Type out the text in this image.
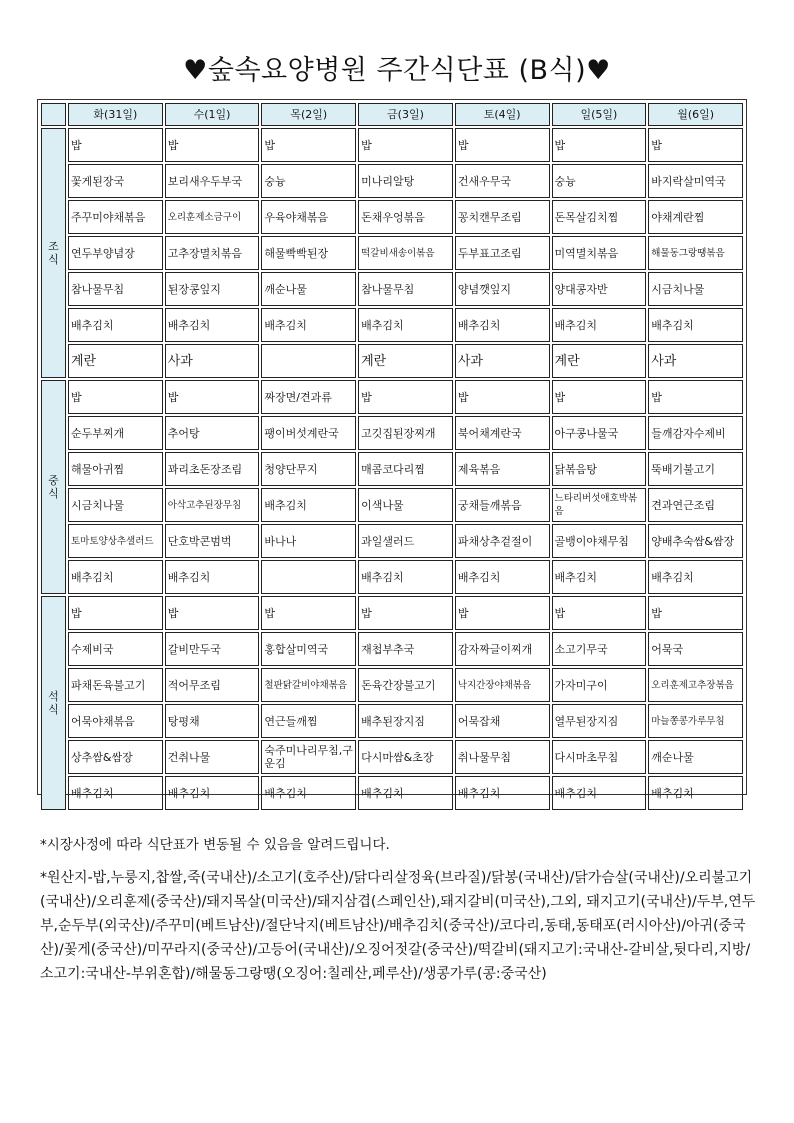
♥숲속요양병원 주간식단표 (B식)♥
	화(31일)	수(1일)	목(2일)	금(3일)	토(4일)	일(5일)	월(6일)
조
식	밥	밥	밥	밥	밥	밥	밥
	꽃게된장국	보리새우두부국	숭늉	미나리알탕	건새우무국	숭늉	바지락살미역국
	주꾸미야채볶음	오리훈제소금구이	우육야채볶음	돈채우엉볶음	꽁치캔무조림	돈목살김치찜	야채계란찜
	연두부양념장	고추장멸치볶음	해물빡빡된장	떡갈비새송이볶음	두부표고조림	미역멸치볶음	해물동그랑땡볶음
	참나물무침	된장콩잎지	깨순나물	참나물무침	양념깻잎지	양대콩자반	시금치나물
	배추김치	배추김치	배추김치	배추김치	배추김치	배추김치	배추김치
	계란	사과		계란	사과	계란	사과
중
식	밥	밥	짜장면/견과류	밥	밥	밥	밥
	순두부찌개	추어탕	팽이버섯계란국	고깃집된장찌개	북어채계란국	아구콩나물국	들깨감자수제비
	해물아귀찜	꽈리초돈장조림	청양단무지	매콤코다리찜	제육볶음	닭볶음탕	뚝배기불고기
	시금치나물	아삭고추된장무침	배추김치	이색나물	궁채들깨볶음	느타리버섯애호박볶음	견과연근조림
	토마토양상추샐러드	단호박콘범벅	바나나	과일샐러드	파채상추겉절이	골뱅이야채무침	양배추숙쌈&쌈장
	배추김치	배추김치		배추김치	배추김치	배추김치	배추김치
석
식	밥	밥	밥	밥	밥	밥	밥
	수제비국	갈비만두국	홍합살미역국	재첩부추국	감자짜글이찌개	소고기무국	어묵국
	파채돈육불고기	적어무조림	철판닭갈비야채볶음	돈육간장불고기	낙지간장야채볶음	가자미구이	오리훈제고추장볶음
	어묵야채볶음	탕평채	연근들깨찜	배추된장지짐	어묵잡채	열무된장지짐	마늘쫑콩가루무침
	상추쌈&쌈장	건취나물	숙주미나리무침,구운김	다시마쌈&초장	취나물무침	다시마초무침	깨순나물
	배추김치	배추김치	배추김치	배추김치	배추김치	배추김치	배추김치
*시장사정에 따라 식단표가 변동될 수 있음을 알려드립니다.
*원산지-밥,누룽지,찹쌀,죽(국내산)/소고기(호주산)/닭다리살정육(브라질)/닭봉(국내산)/닭가슴살(국내산)/오리불고기(국내산)/오리훈제(중국산)/돼지목살(미국산)/돼지삼겹(스페인산),돼지갈비(미국산),그외, 돼지고기(국내산)/두부,연두부,순두부(외국산)/주꾸미(베트남산)/절단낙지(베트남산)/배추김치(중국산)/코다리,동태,동태포(러시아산)/아귀(중국산)/꽃게(중국산)/미꾸라지(중국산)/고등어(국내산)/오징어젓갈(중국산)/떡갈비(돼지고기:국내산-갈비살,뒷다리,지방/소고기:국내산-부위혼합)/해물동그랑땡(오징어:칠레산,페루산)/생콩가루(콩:중국산)
